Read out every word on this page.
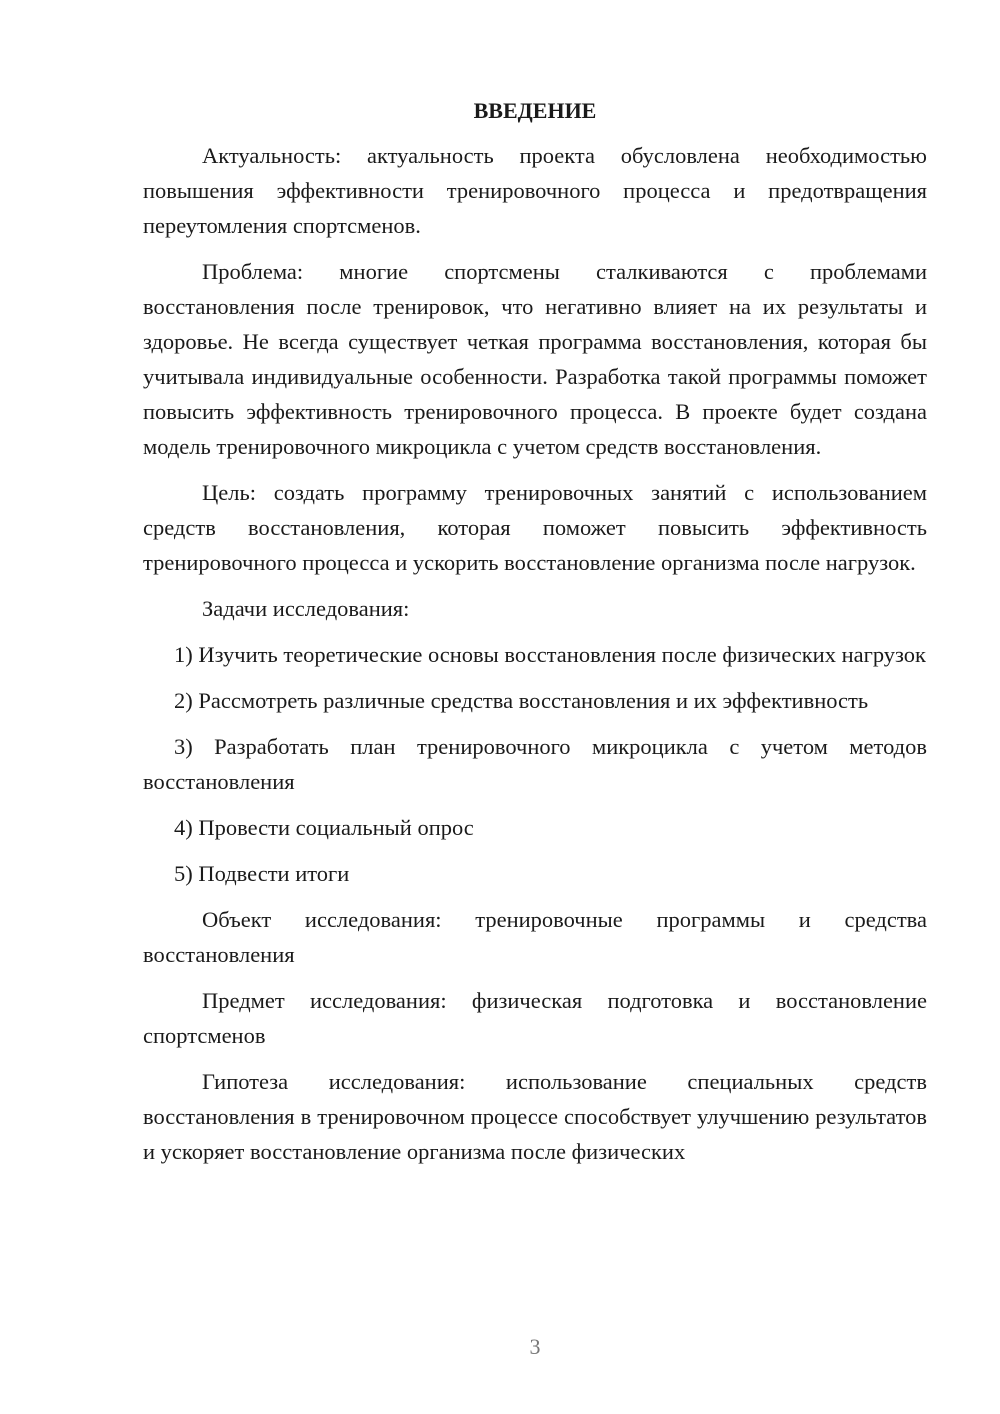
ВВЕДЕНИЕ

Актуальность: актуальность проекта обусловлена необходимостью повышения эффективности тренировочного процесса и предотвращения переутомления спортсменов.

Проблема: многие спортсмены сталкиваются с проблемами восстановления после тренировок, что негативно влияет на их результаты и здоровье. Не всегда существует четкая программа восстановления, которая бы учитывала индивидуальные особенности. Разработка такой программы поможет повысить эффективность тренировочного процесса. В проекте будет создана модель тренировочного микроцикла с учетом средств восстановления.

Цель: создать программу тренировочных занятий с использованием средств восстановления, которая поможет повысить эффективность тренировочного процесса и ускорить восстановление организма после нагрузок.

Задачи исследования:

1) Изучить теоретические основы восстановления после физических нагрузок

2) Рассмотреть различные средства восстановления и их эффективность

3) Разработать план тренировочного микроцикла с учетом методов восстановления

4) Провести социальный опрос

5) Подвести итоги

Объект исследования: тренировочные программы и средства восстановления

Предмет исследования: физическая подготовка и восстановление спортсменов

Гипотеза исследования: использование специальных средств восстановления в тренировочном процессе способствует улучшению результатов и ускоряет восстановление организма после физических

3
